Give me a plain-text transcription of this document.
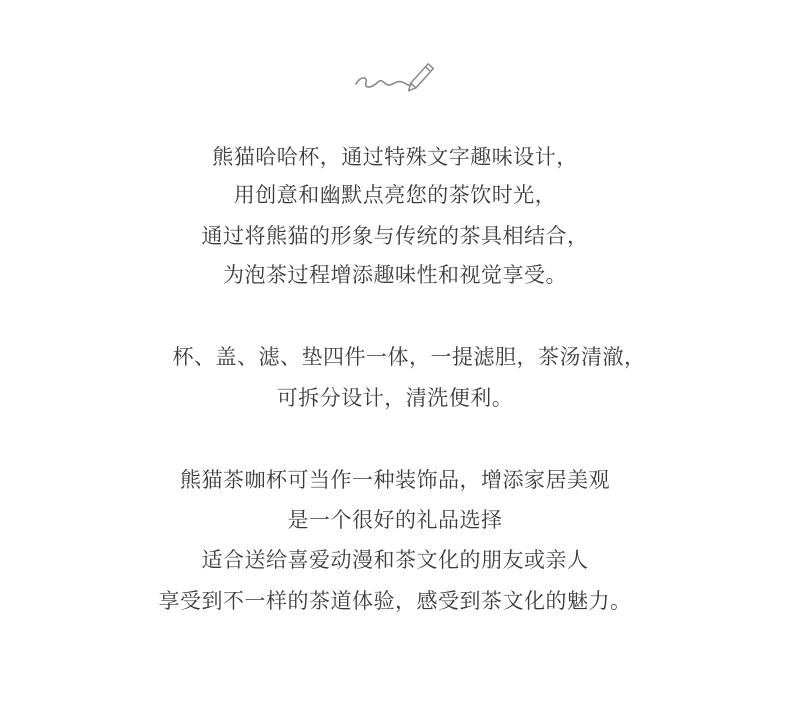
熊猫哈哈杯，通过特殊文字趣味设计，
用创意和幽默点亮您的茶饮时光，
通过将熊猫的形象与传统的茶具相结合，
为泡茶过程增添趣味性和视觉享受。
杯、盖、滤、垫四件一体，一提滤胆，茶汤清澈，
可拆分设计，清洗便利。
熊猫茶咖杯可当作一种装饰品，增添家居美观
是一个很好的礼品选择
适合送给喜爱动漫和茶文化的朋友或亲人
享受到不一样的茶道体验，感受到茶文化的魅力。
